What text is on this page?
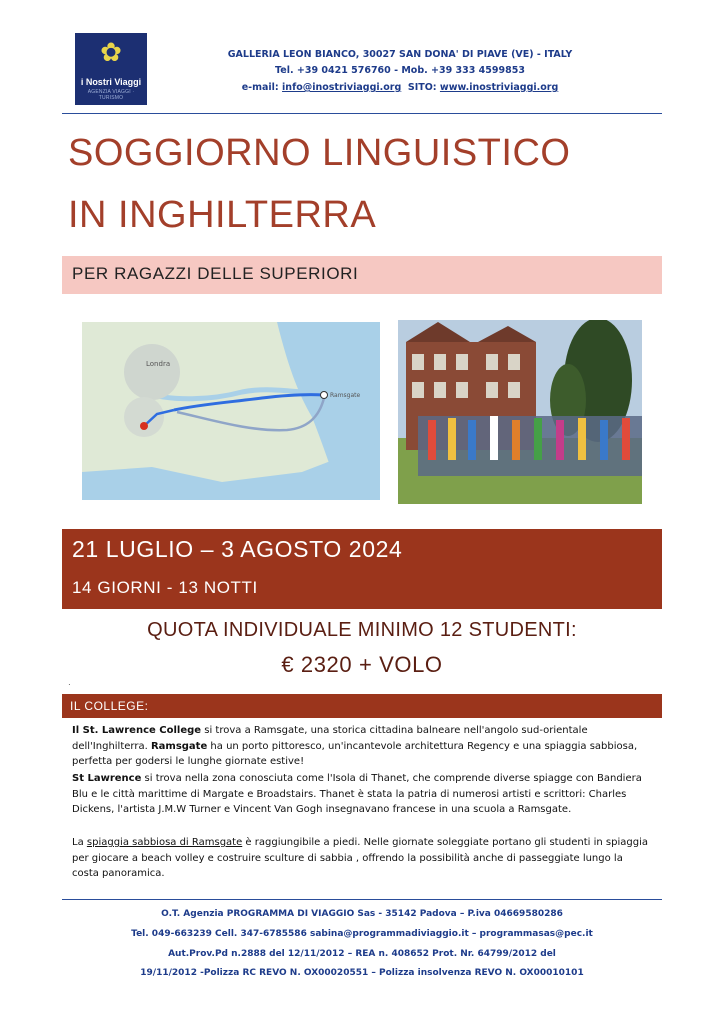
✿
i Nostri Viaggi
AGENZIA VIAGGI · TURISMO
GALLERIA LEON BIANCO, 30027 SAN DONA' DI PIAVE (VE) - ITALY
Tel. +39 0421 576760 - Mob. +39 333 4599853
e-mail: info@inostriviaggi.org SITO: www.inostriviaggi.org
SOGGIORNO LINGUISTICO
IN INGHILTERRA
PER RAGAZZI DELLE SUPERIORI
Londra
Ramsgate
21 LUGLIO – 3 AGOSTO 2024
14 GIORNI - 13 NOTTI
QUOTA INDIVIDUALE MINIMO 12 STUDENTI:
€ 2320 + VOLO
·
IL COLLEGE:
Il St. Lawrence College si trova a Ramsgate, una storica cittadina balneare nell'angolo sud-orientale dell'Inghilterra. Ramsgate ha un porto pittoresco, un'incantevole architettura Regency e una spiaggia sabbiosa, perfetta per godersi le lunghe giornate estive!
St Lawrence si trova nella zona conosciuta come l'Isola di Thanet, che comprende diverse spiagge con Bandiera Blu e le città marittime di Margate e Broadstairs. Thanet è stata la patria di numerosi artisti e scrittori: Charles Dickens, l'artista J.M.W Turner e Vincent Van Gogh insegnavano francese in una scuola a Ramsgate.
La spiaggia sabbiosa di Ramsgate è raggiungibile a piedi. Nelle giornate soleggiate portano gli studenti in spiaggia per giocare a beach volley e costruire sculture di sabbia , offrendo la possibilità anche di passeggiate lungo la costa panoramica.
O.T. Agenzia PROGRAMMA DI VIAGGIO Sas - 35142 Padova – P.iva 04669580286
Tel. 049-663239 Cell. 347-6785586 sabina@programmadiviaggio.it – programmasas@pec.it
Aut.Prov.Pd n.2888 del 12/11/2012 – REA n. 408652 Prot. Nr. 64799/2012 del
19/11/2012 -Polizza RC REVO N. OX00020551 – Polizza insolvenza REVO N. OX00010101
